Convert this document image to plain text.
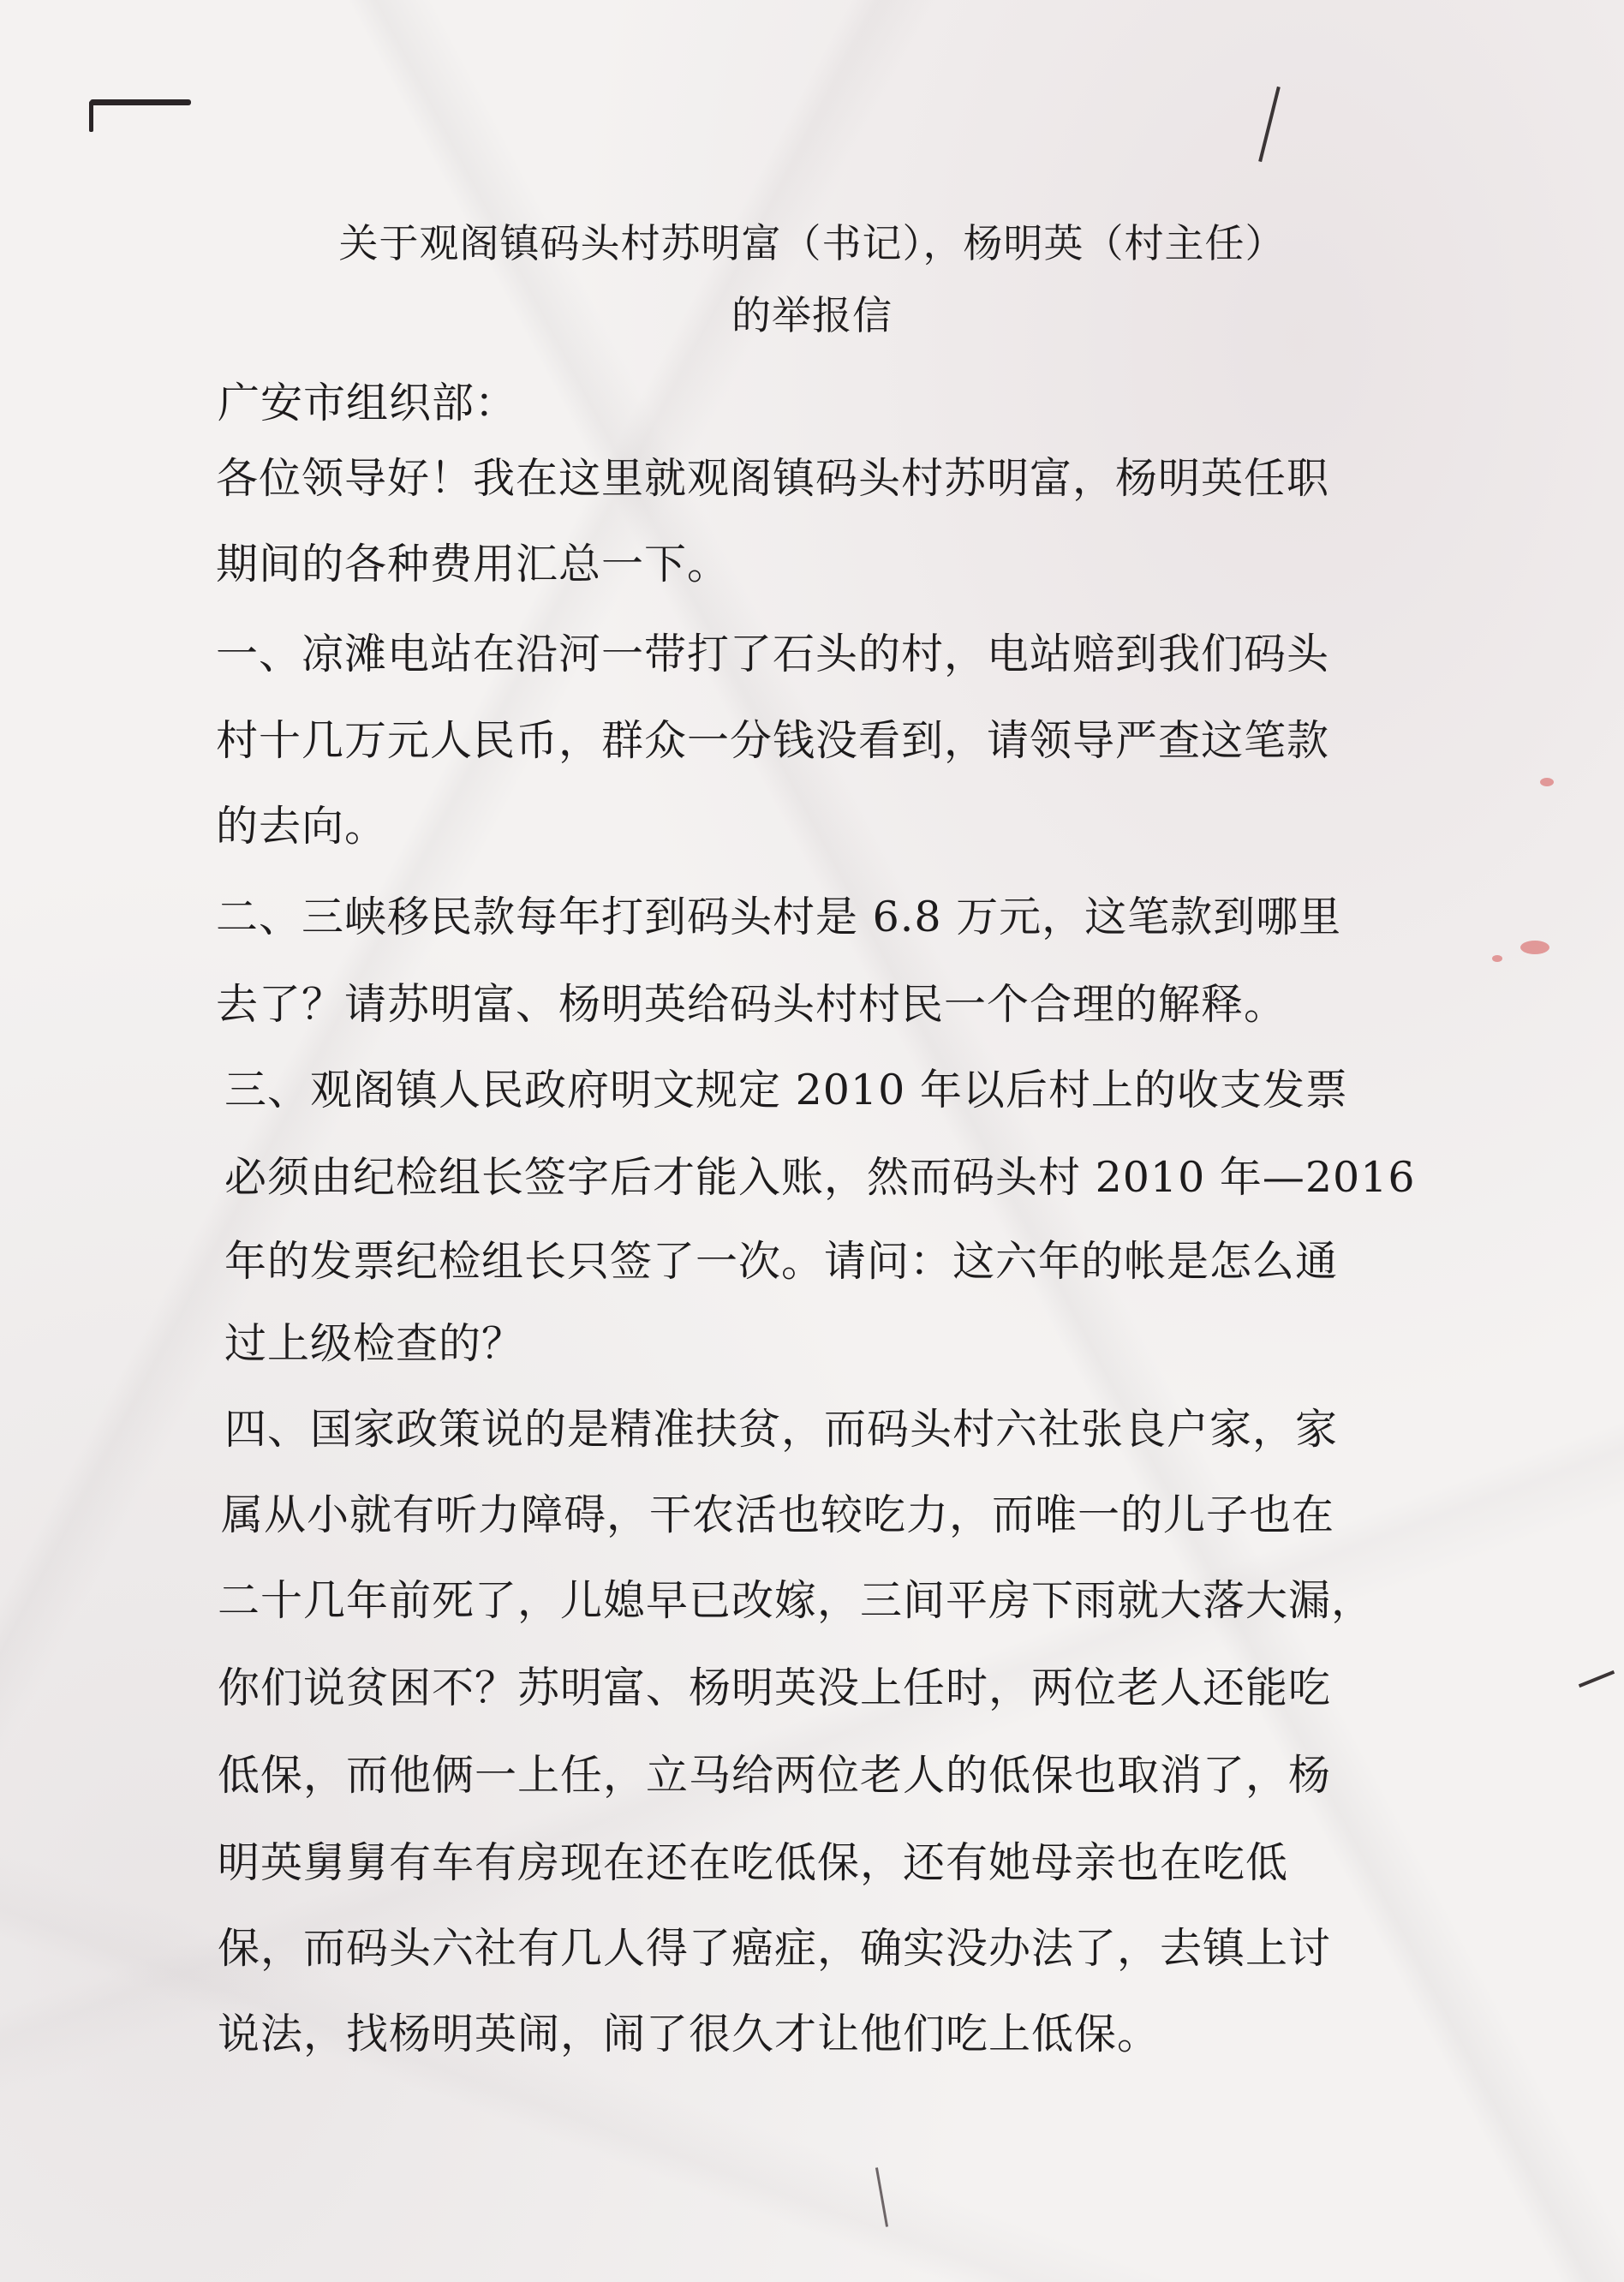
关于观阁镇码头村苏明富（书记），杨明英（村主任）
的举报信
广安市组织部：
各位领导好！我在这里就观阁镇码头村苏明富，杨明英任职
期间的各种费用汇总一下。
一、凉滩电站在沿河一带打了石头的村，电站赔到我们码头
村十几万元人民币，群众一分钱没看到，请领导严查这笔款
的去向。
二、三峡移民款每年打到码头村是 6.8 万元，这笔款到哪里
去了？请苏明富、杨明英给码头村村民一个合理的解释。
三、观阁镇人民政府明文规定 2010 年以后村上的收支发票
必须由纪检组长签字后才能入账，然而码头村 2010 年—2016
年的发票纪检组长只签了一次。请问：这六年的帐是怎么通
过上级检查的？
四、国家政策说的是精准扶贫，而码头村六社张良户家，家
属从小就有听力障碍，干农活也较吃力，而唯一的儿子也在
二十几年前死了，儿媳早已改嫁，三间平房下雨就大落大漏，
你们说贫困不？苏明富、杨明英没上任时，两位老人还能吃
低保，而他俩一上任，立马给两位老人的低保也取消了，杨
明英舅舅有车有房现在还在吃低保，还有她母亲也在吃低
保，而码头六社有几人得了癌症，确实没办法了，去镇上讨
说法，找杨明英闹，闹了很久才让他们吃上低保。
